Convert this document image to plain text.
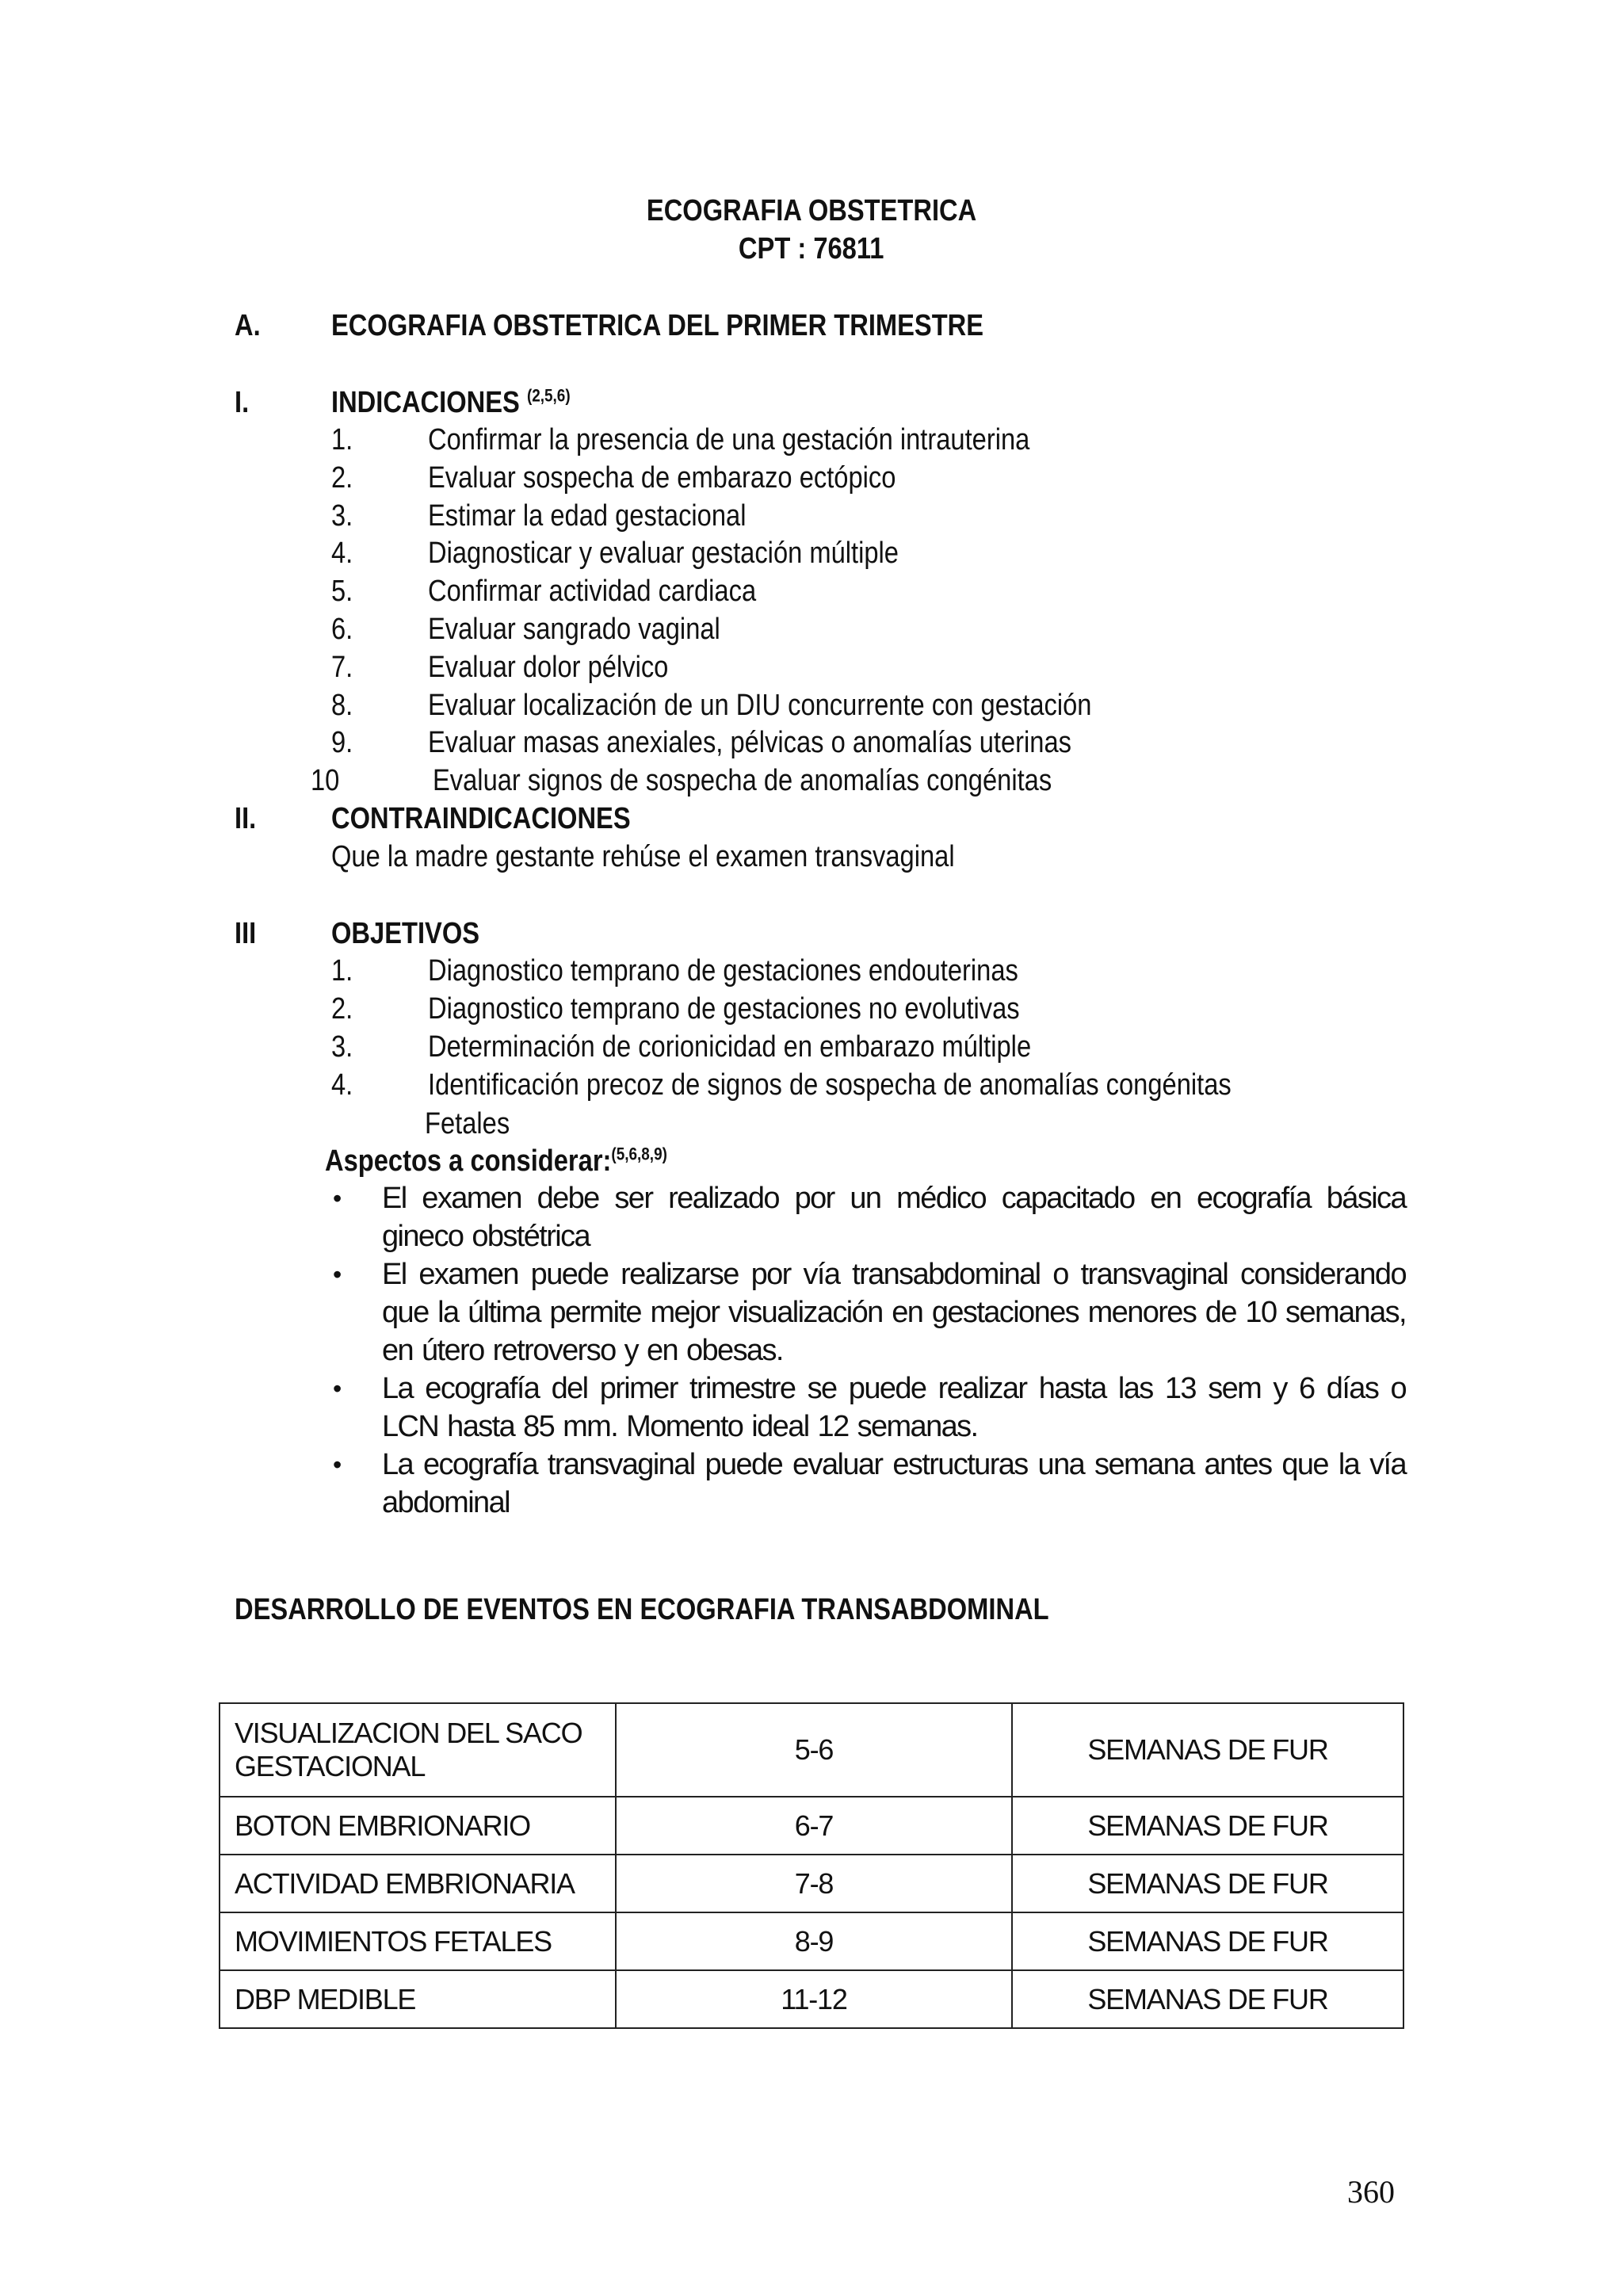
ECOGRAFIA OBSTETRICA
CPT : 76811
A. ECOGRAFIA OBSTETRICA DEL PRIMER TRIMESTRE
I.	INDICACIONES $^{(2,5,6)}$
1. Confirmar la presencia de una gestación intrauterina
2. Evaluar sospecha de embarazo ectópico
3. Estimar la edad gestacional
4. Diagnosticar y evaluar gestación múltiple
5. Confirmar actividad cardiaca
6. Evaluar sangrado vaginal
7. Evaluar dolor pélvico
8. Evaluar localización de un DIU concurrente con gestación
9. Evaluar masas anexiales, pélvicas o anomalías uterinas
10	Evaluar signos de sospecha de anomalías congénitas
II. CONTRAINDICACIONES
Que la madre gestante rehúse el examen transvaginal
III OBJETIVOS
1. Diagnostico temprano de gestaciones endouterinas
2. Diagnostico temprano de gestaciones no evolutivas
3. Determinación de corionicidad en embarazo múltiple
4. Identificación precoz de signos de sospecha de anomalías congénitas
Fetales
Aspectos a considerar:$^{(5,6,8,9)}$
• El examen debe ser realizado por un médico capacitado en ecografía básica gineco obstétrica
• El examen puede realizarse por vía transabdominal o transvaginal considerando que la última permite mejor visualización en gestaciones menores de 10 semanas, en útero retroverso y en obesas.
• La ecografía del primer trimestre se puede realizar hasta las 13 sem y 6 días o LCN hasta 85 mm. Momento ideal 12 semanas.
• La ecografía transvaginal puede evaluar estructuras una semana antes que la vía abdominal
DESARROLLO DE EVENTOS EN ECOGRAFIA TRANSABDOMINAL
VISUALIZACION DEL SACO
GESTACIONAL	5-6	SEMANAS DE FUR

BOTON EMBRIONARIO	6-7	SEMANAS DE FUR

ACTIVIDAD EMBRIONARIA	7-8	SEMANAS DE FUR

MOVIMIENTOS FETALES	8-9	SEMANAS DE FUR

DBP MEDIBLE	11-12	SEMANAS DE FUR
360
